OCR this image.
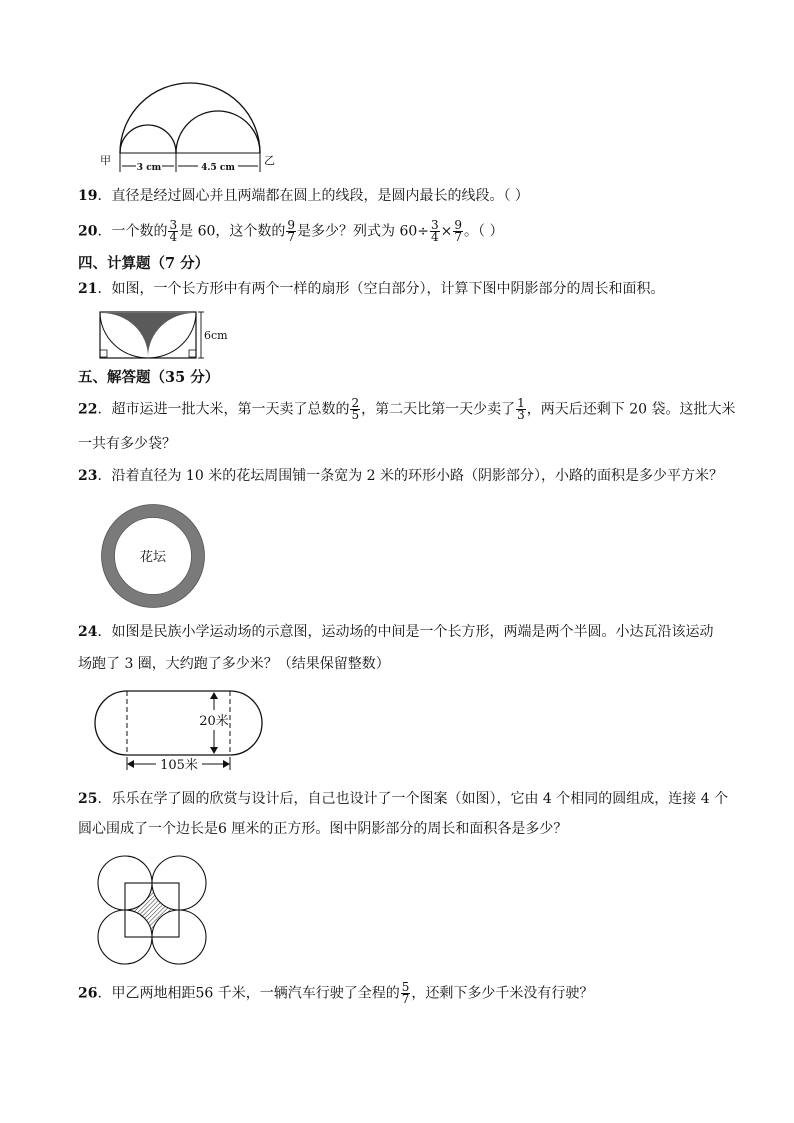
甲	乙
3 cm	4.5 cm
19．直径是经过圆心并且两端都在圆上的线段，是圆内最长的线段。（ ）
20．一个数的 $\frac{3}{4}$ 是 60，这个数的 $\frac{9}{7}$ 是多少？列式为 $60\div \frac{3}{4} \times \frac{9}{7}$ 。（ ）
四、计算题（7 分）
21．如图，一个长方形中有两个一样的扇形（空白部分），计算下图中阴影部分的周长和面积。
6cm
五、解答题（35 分）
22．超市运进一批大米，第一天卖了总数的 $\frac{2}{5}$ ，第二天比第一天少卖了 $\frac{1}{3}$ ，两天后还剩下 20 袋。这批大米
一共有多少袋？
23．沿着直径为 10 米的花坛周围铺一条宽为 2 米的环形小路（阴影部分），小路的面积是多少平方米？
花坛
24．如图是民族小学运动场的示意图，运动场的中间是一个长方形，两端是两个半圆。小达瓦沿该运动
场跑了 3 圈，大约跑了多少米？（结果保留整数）
20米
105米
25．乐乐在学了圆的欣赏与设计后，自己也设计了一个图案（如图），它由 4 个相同的圆组成，连接 4 个
圆心围成了一个边长是6 厘米的正方形。图中阴影部分的周长和面积各是多少？
26．甲乙两地相距56 千米，一辆汽车行驶了全程的 $\frac{5}{7}$ ，还剩下多少千米没有行驶？
